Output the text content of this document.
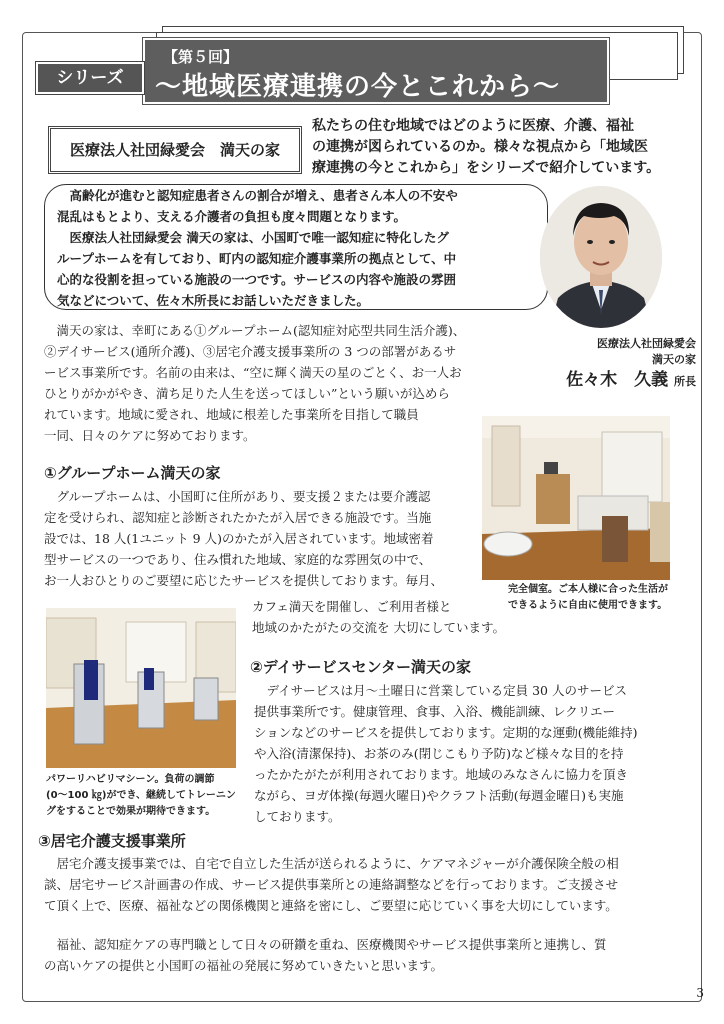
【第５回】
〜地域医療連携の今とこれから〜
シリーズ
医療法人社団緑愛会　満天の家
私たちの住む地域ではどのように医療、介護、福祉
の連携が図られているのか。様々な視点から「地域医
療連携の今とこれから」をシリーズで紹介しています。
　高齢化が進むと認知症患者さんの割合が増え、患者さん本人の不安や
混乱はもとより、支える介護者の負担も度々問題となります。
　医療法人社団緑愛会 満天の家は、小国町で唯一認知症に特化したグ
ループホームを有しており、町内の認知症介護事業所の拠点として、中
心的な役割を担っている施設の一つです。サービスの内容や施設の雰囲
気などについて、佐々木所長にお話しいただきました。
医療法人社団緑愛会
満天の家
佐々木　久義 所長
　満天の家は、幸町にある①グループホーム(認知症対応型共同生活介護)、
②デイサービス(通所介護)、③居宅介護支援事業所の 3 つの部署があるサ
ービス事業所です。名前の由来は、“空に輝く満天の星のごとく、お一人お
ひとりがかがやき、満ち足りた人生を送ってほしい”という願いが込めら
れています。地域に愛され、地域に根差した事業所を目指して職員
一同、日々のケアに努めております。
完全個室。ご本人様に合った生活が
できるように自由に使用できます。
①グループホーム満天の家
　グループホームは、小国町に住所があり、要支援２または要介護認
定を受けられ、認知症と診断されたかたが入居できる施設です。当施
設では、18 人(1ユニット 9 人)のかたが入居されています。地域密着
型サービスの一つであり、住み慣れた地域、家庭的な雰囲気の中で、
お一人おひとりのご要望に応じたサービスを提供しております。毎月、
カフェ満天を開催し、ご利用者様と
地域のかたがたの交流を 大切にしています。
パワーリハビリマシーン。負荷の調節
(0〜100 ㎏)ができ、継続してトレーニン
グをすることで効果が期待できます。
②デイサービスセンター満天の家
　デイサービスは月〜土曜日に営業している定員 30 人のサービス
提供事業所です。健康管理、食事、入浴、機能訓練、レクリエー
ションなどのサービスを提供しております。定期的な運動(機能維持)
や入浴(清潔保持)、お茶のみ(閉じこもり予防)など様々な目的を持
ったかたがたが利用されております。地域のみなさんに協力を頂き
ながら、ヨガ体操(毎週火曜日)やクラフト活動(毎週金曜日)も実施
しております。
③居宅介護支援事業所
　居宅介護支援事業では、自宅で自立した生活が送られるように、ケアマネジャーが介護保険全般の相
談、居宅サービス計画書の作成、サービス提供事業所との連絡調整などを行っております。ご支援させ
て頂く上で、医療、福祉などの関係機関と連絡を密にし、ご要望に応じていく事を大切にしています。
　福祉、認知症ケアの専門職として日々の研鑽を重ね、医療機関やサービス提供事業所と連携し、質
の高いケアの提供と小国町の福祉の発展に努めていきたいと思います。
3
